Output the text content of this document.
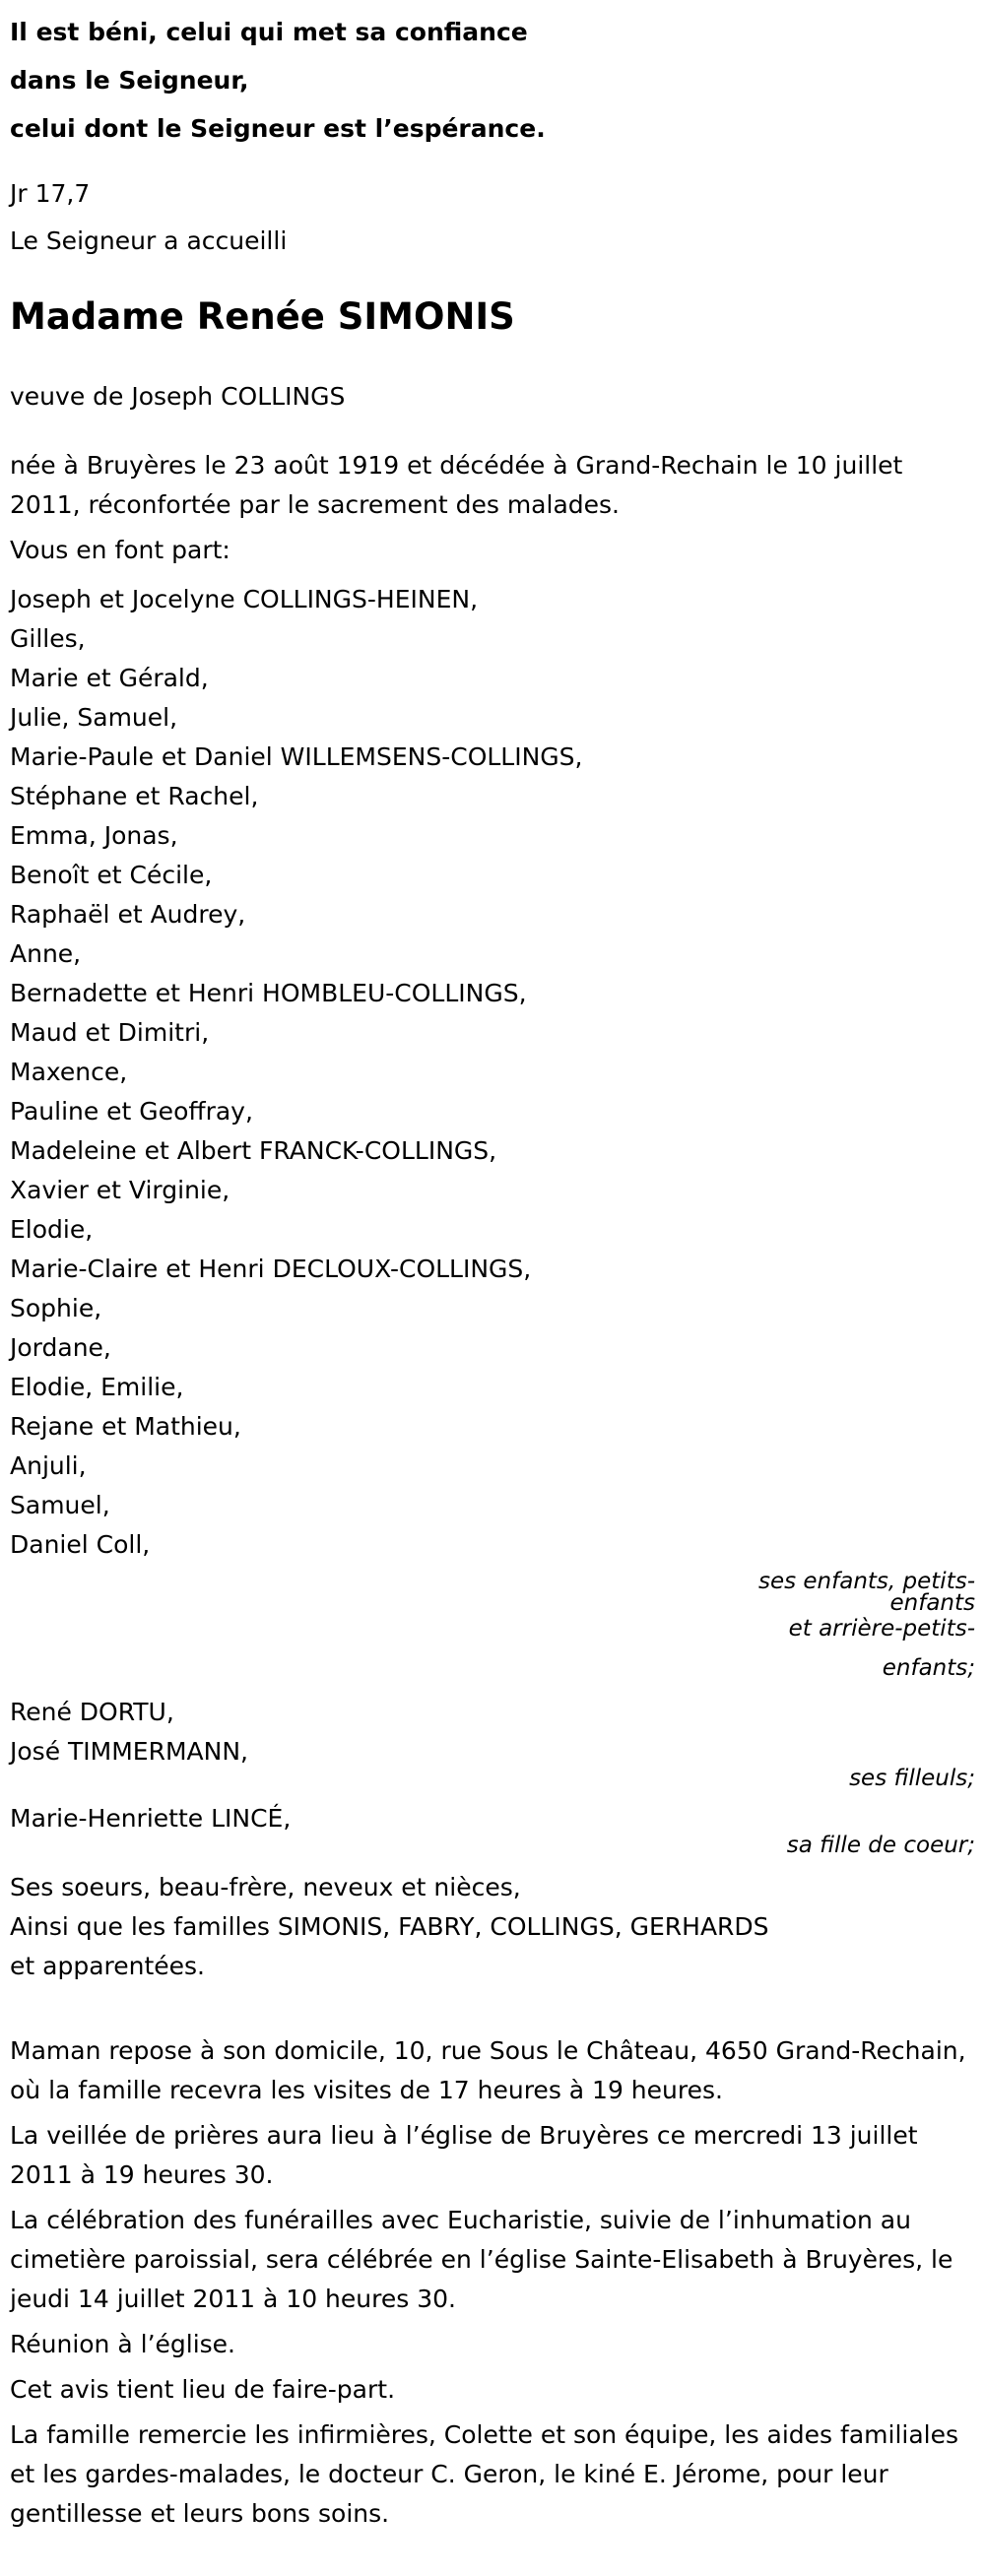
Il est béni, celui qui met sa confiance
dans le Seigneur,
celui dont le Seigneur est l’espérance.
Jr 17,7
Le Seigneur a accueilli
Madame Renée SIMONIS

veuve de Joseph COLLINGS

née à Bruyères le 23 août 1919 et décédée à Grand-Rechain le 10 juillet 2011, réconfortée par le sacrement des malades.

Vous en font part:

Joseph et Jocelyne COLLINGS-HEINEN,
Gilles,
Marie et Gérald,
Julie, Samuel,
Marie-Paule et Daniel WILLEMSENS-COLLINGS,
Stéphane et Rachel,
Emma, Jonas,
Benoît et Cécile,
Raphaël et Audrey,
Anne,
Bernadette et Henri HOMBLEU-COLLINGS,
Maud et Dimitri,
Maxence,
Pauline et Geoffray,
Madeleine et Albert FRANCK-COLLINGS,
Xavier et Virginie,
Elodie,
Marie-Claire et Henri DECLOUX-COLLINGS,
Sophie,
Jordane,
Elodie, Emilie,
Rejane et Mathieu,
Anjuli,
Samuel,
Daniel Coll,
ses enfants, petits-
enfants
et arrière-petits-
enfants;
René DORTU,
José TIMMERMANN,
ses filleuls;
Marie-Henriette LINCÉ,
sa fille de coeur;
Ses soeurs, beau-frère, neveux et nièces,
Ainsi que les familles SIMONIS, FABRY, COLLINGS, GERHARDS
et apparentées.

Maman repose à son domicile, 10, rue Sous le Château, 4650 Grand-Rechain, où la famille recevra les visites de 17 heures à 19 heures.

La veillée de prières aura lieu à l’église de Bruyères ce mercredi 13 juillet 2011 à 19 heures 30.

La célébration des funérailles avec Eucharistie, suivie de l’inhumation au cimetière paroissial, sera célébrée en l’église Sainte-Elisabeth à Bruyères, le jeudi 14 juillet 2011 à 10 heures 30.

Réunion à l’église.

Cet avis tient lieu de faire-part.

La famille remercie les infirmières, Colette et son équipe, les aides familiales et les gardes-malades, le docteur C. Geron, le kiné E. Jérome, pour leur gentillesse et leurs bons soins.
